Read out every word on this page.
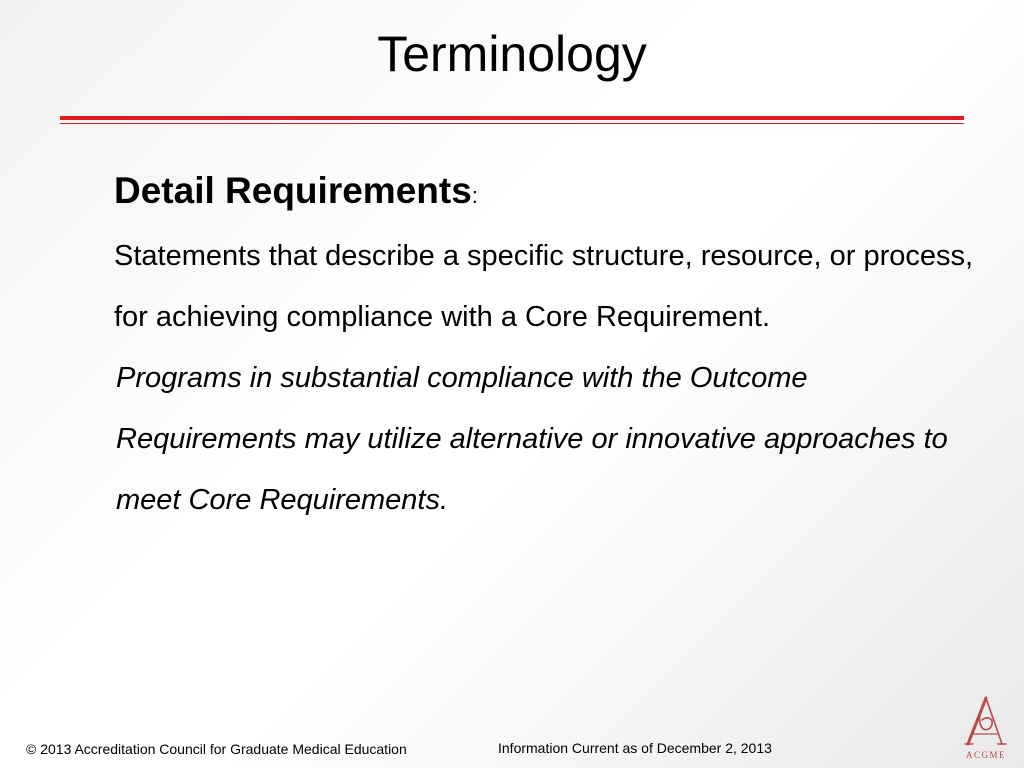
Terminology

Detail Requirements:

Statements that describe a specific structure, resource, or process, for achieving compliance with a Core Requirement.

Programs in substantial compliance with the Outcome Requirements may utilize alternative or innovative approaches to meet Core Requirements.

© 2013 Accreditation Council for Graduate Medical Education	Information Current as of December 2, 2013	ACGME
